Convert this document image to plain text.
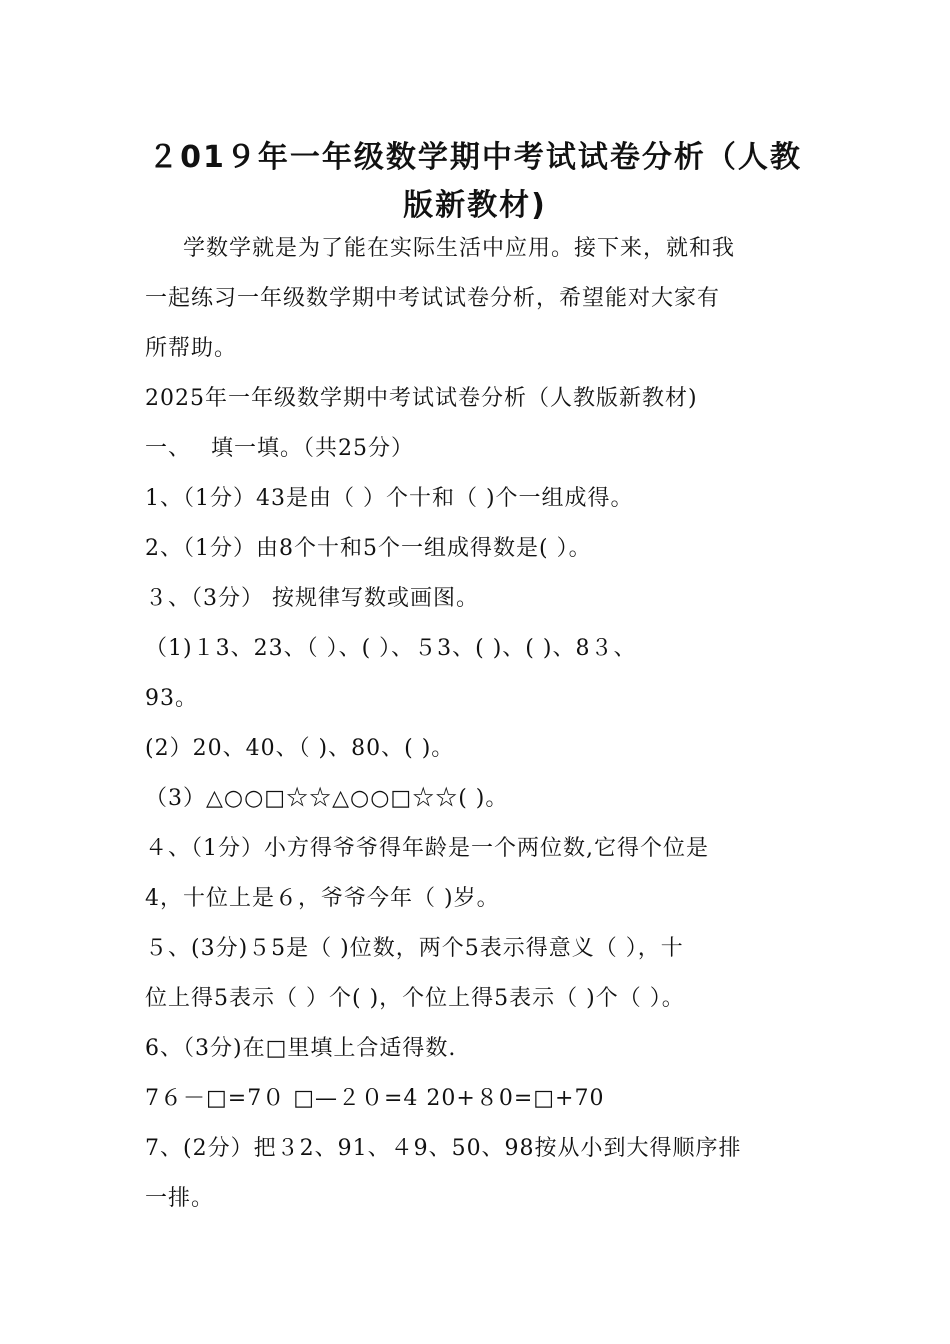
２01９年一年级数学期中考试试卷分析（人教
版新教材)
学数学就是为了能在实际生活中应用。接下来，就和我
一起练习一年级数学期中考试试卷分析，希望能对大家有
所帮助。
2025年一年级数学期中考试试卷分析（人教版新教材)
一、　 填一填。（共25分）
1、（1分）43是由（ ）个十和（ )个一组成得。
2、（1分）由8个十和5个一组成得数是( ）。
３、（3分） 按规律写数或画图。
（1)１3、23、（ ）、( ）、５3、( )、( )、8３、
93。
(2）20、40、（ )、80、( )。
（3）△○○□☆☆△○○□☆☆( )。
４、（1分）小方得爷爷得年龄是一个两位数,它得个位是
4，十位上是６，爷爷今年（ )岁。
５、(3分)５5是（ )位数，两个5表示得意义（ ），十
位上得5表示（ ）个( )，个位上得5表示（ )个（ ）。
6、（3分)在□里填上合适得数.
7６－□=7０ □—２０=4 20+８0=□+70
7、(2分）把３2、91、４9、50、98按从小到大得顺序排
一排。
